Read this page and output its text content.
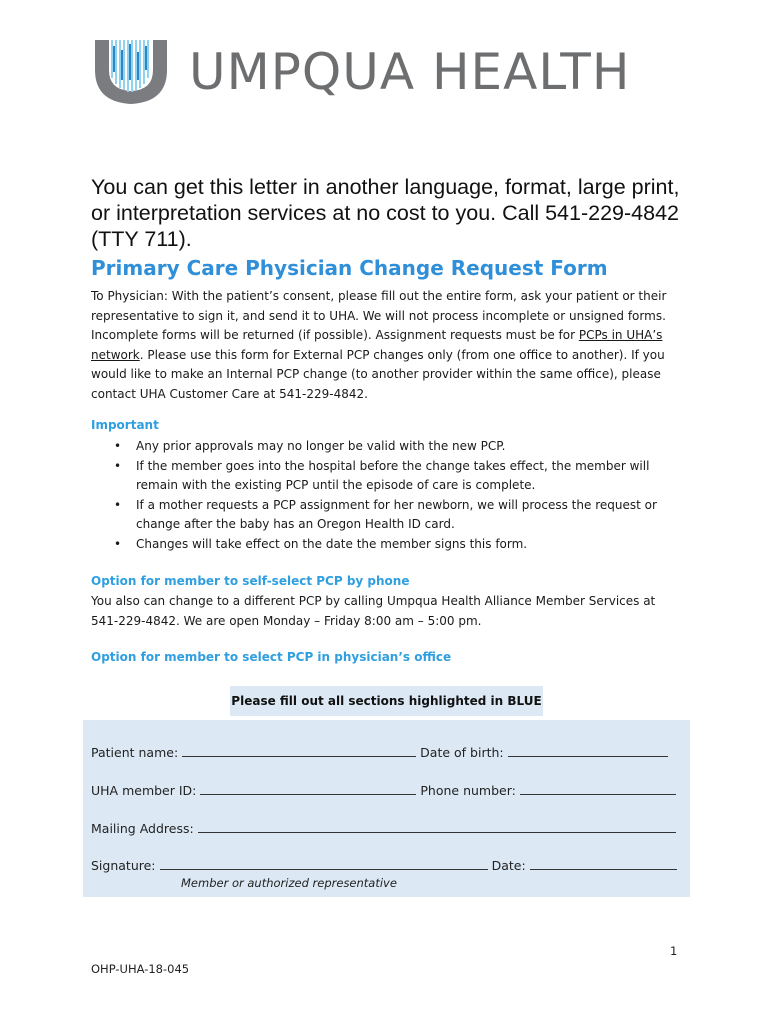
UMPQUA HEALTH
You can get this letter in another language, format, large print, or interpretation services at no cost to you. Call 541-229-4842 (TTY 711).
Primary Care Physician Change Request Form
To Physician: With the patient’s consent, please fill out the entire form, ask your patient or their representative to sign it, and send it to UHA. We will not process incomplete or unsigned forms. Incomplete forms will be returned (if possible). Assignment requests must be for PCPs in UHA’s network. Please use this form for External PCP changes only (from one office to another). If you would like to make an Internal PCP change (to another provider within the same office), please contact UHA Customer Care at 541-229-4842.
Important
• Any prior approvals may no longer be valid with the new PCP.
• If the member goes into the hospital before the change takes effect, the member will remain with the existing PCP until the episode of care is complete.
• If a mother requests a PCP assignment for her newborn, we will process the request or change after the baby has an Oregon Health ID card.
• Changes will take effect on the date the member signs this form.
Option for member to self-select PCP by phone
You also can change to a different PCP by calling Umpqua Health Alliance Member Services at 541-229-4842. We are open Monday – Friday 8:00 am – 5:00 pm.
Option for member to select PCP in physician’s office
Please fill out all sections highlighted in BLUE
Patient name:	Date of birth:
UHA member ID:	Phone number:
Mailing Address:
Signature:	Date:
Member or authorized representative
1
OHP-UHA-18-045
